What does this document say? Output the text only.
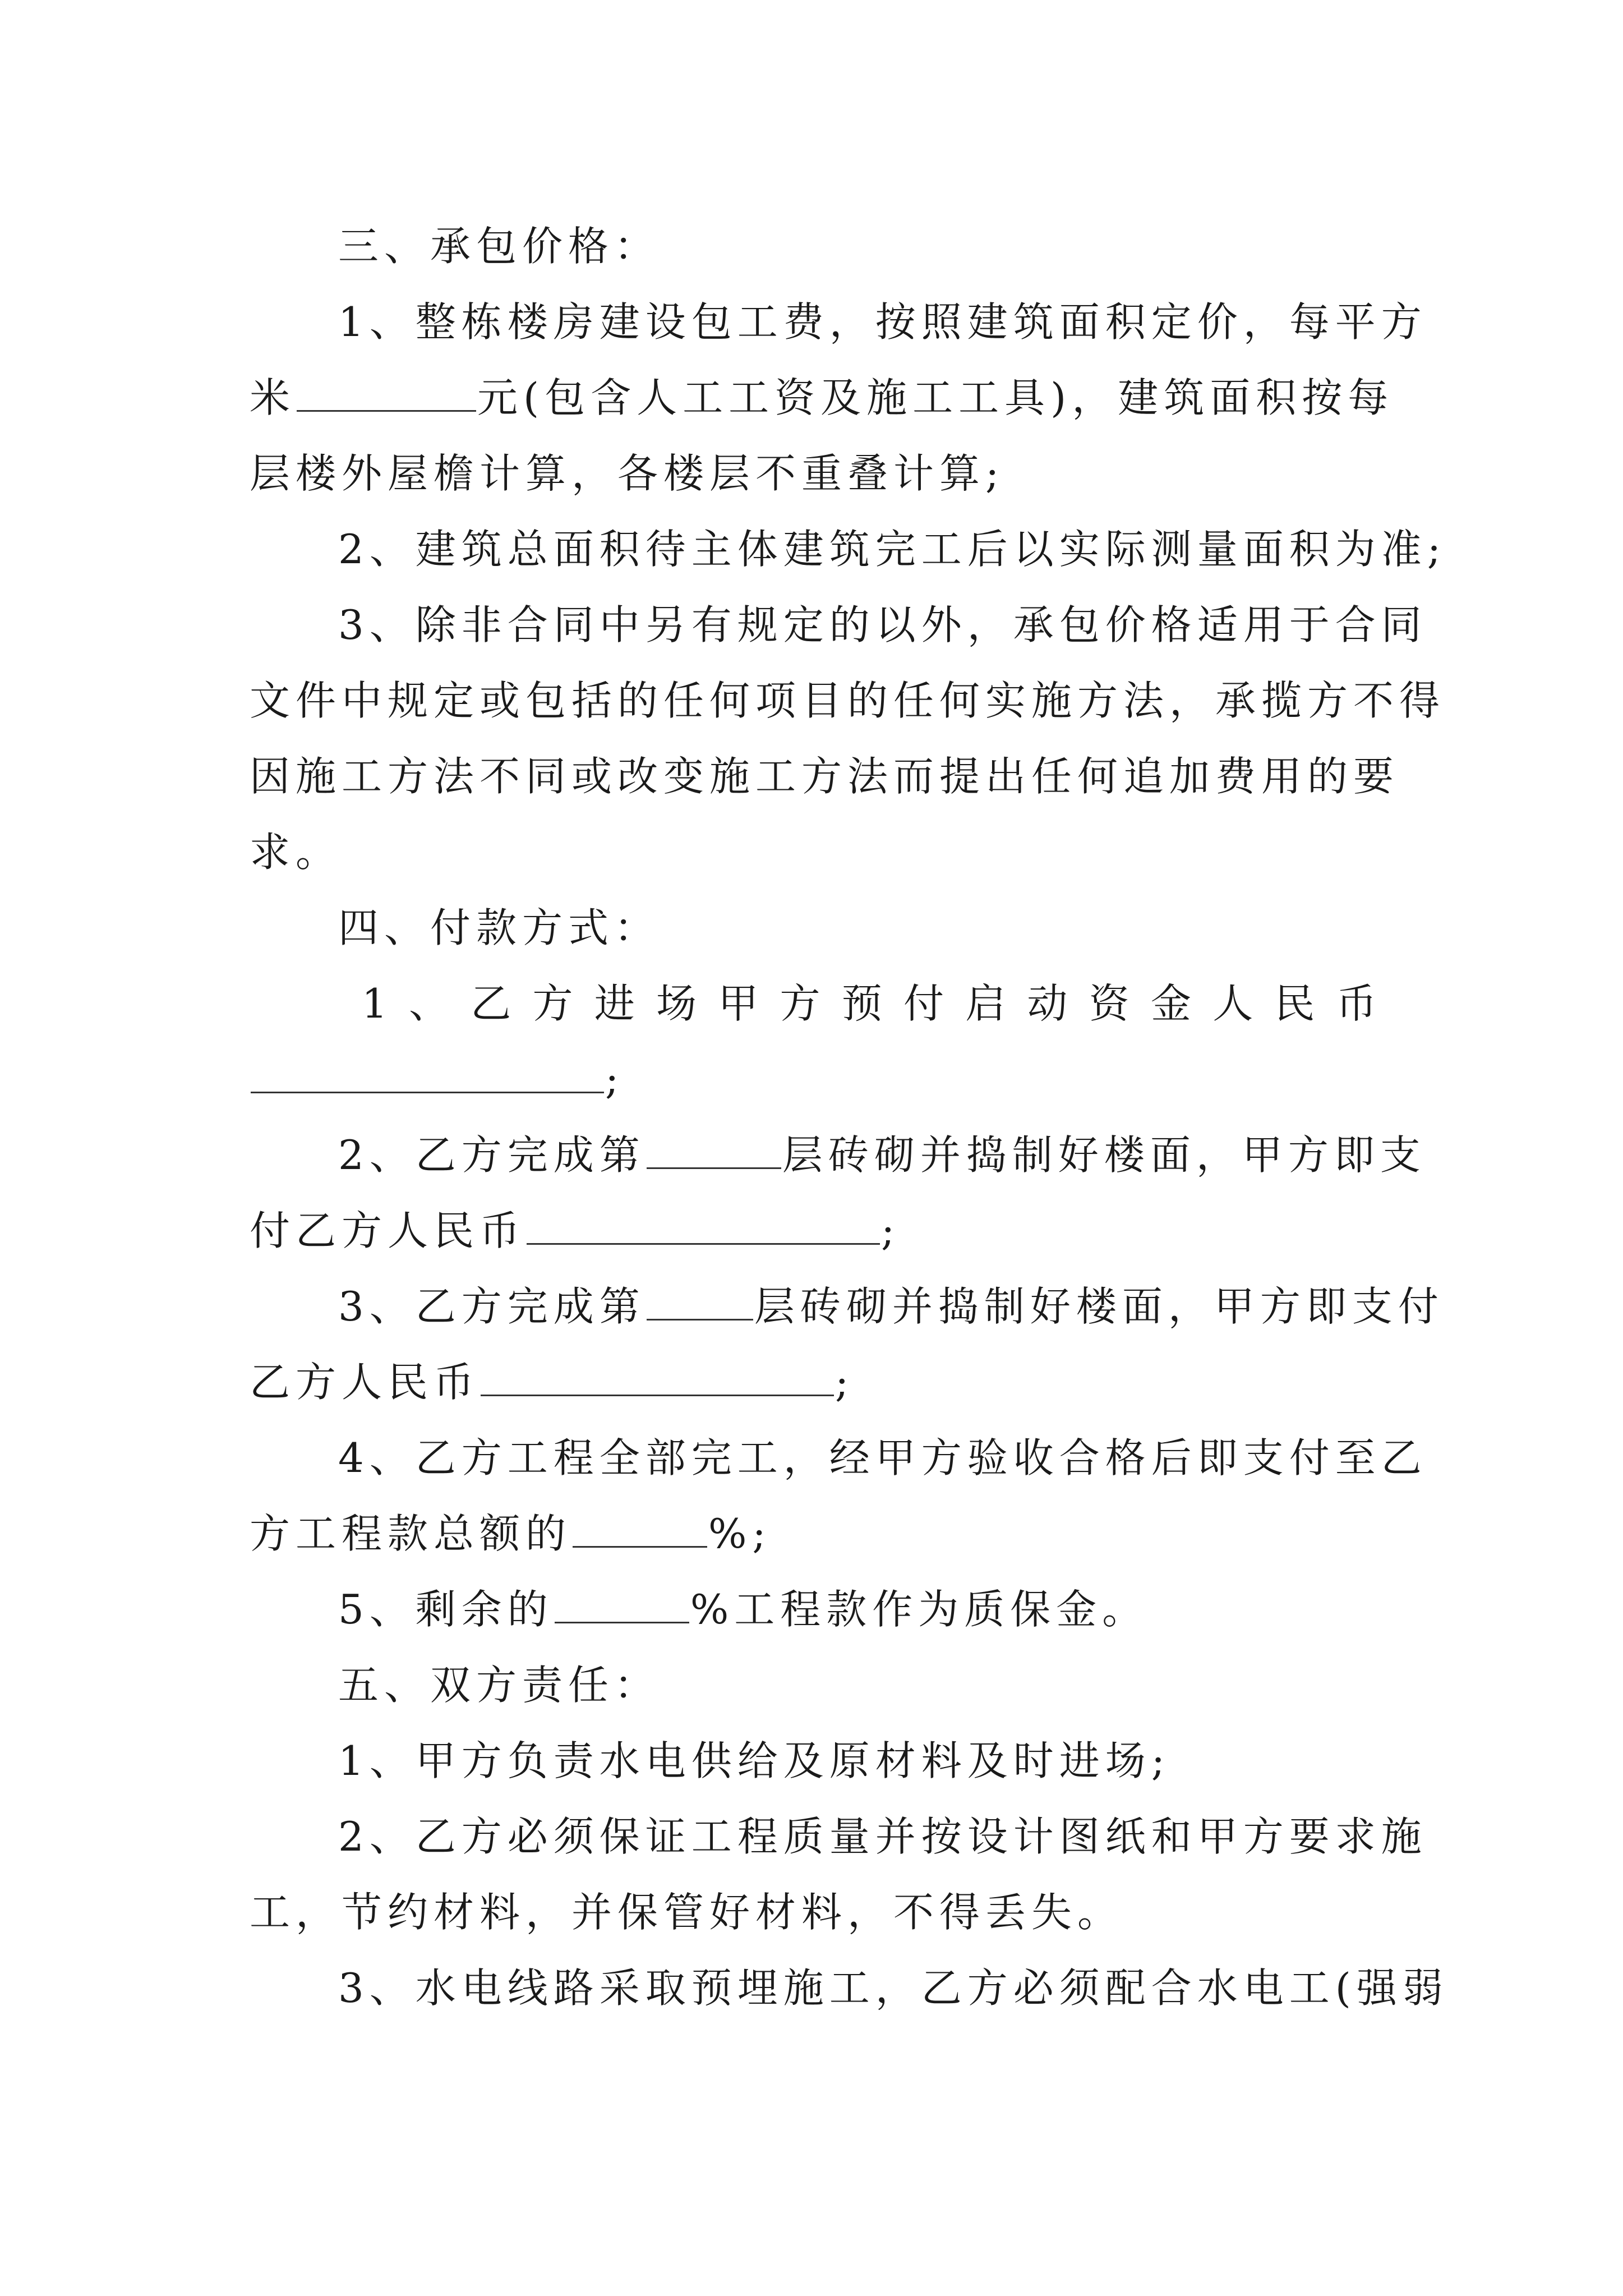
三、承包价格：
1、整栋楼房建设包工费，按照建筑面积定价，每平方
米	元(包含人工工资及施工工具)，建筑面积按每
层楼外屋檐计算，各楼层不重叠计算;
2、建筑总面积待主体建筑完工后以实际测量面积为准;
3、除非合同中另有规定的以外，承包价格适用于合同
文件中规定或包括的任何项目的任何实施方法，承揽方不得
因施工方法不同或改变施工方法而提出任何追加费用的要
求。
四、付款方式：
1 、 乙 方 进 场 甲 方 预 付 启 动 资 金 人 民 币
;
2、乙方完成第	层砖砌并捣制好楼面，甲方即支
付乙方人民币	;
3、乙方完成第	层砖砌并捣制好楼面，甲方即支付
乙方人民币	;
4、乙方工程全部完工，经甲方验收合格后即支付至乙
方工程款总额的	%;
5、剩余的	%工程款作为质保金。
五、双方责任：
1、甲方负责水电供给及原材料及时进场;
2、乙方必须保证工程质量并按设计图纸和甲方要求施
工，节约材料，并保管好材料，不得丢失。
3、水电线路采取预埋施工，乙方必须配合水电工(强弱
